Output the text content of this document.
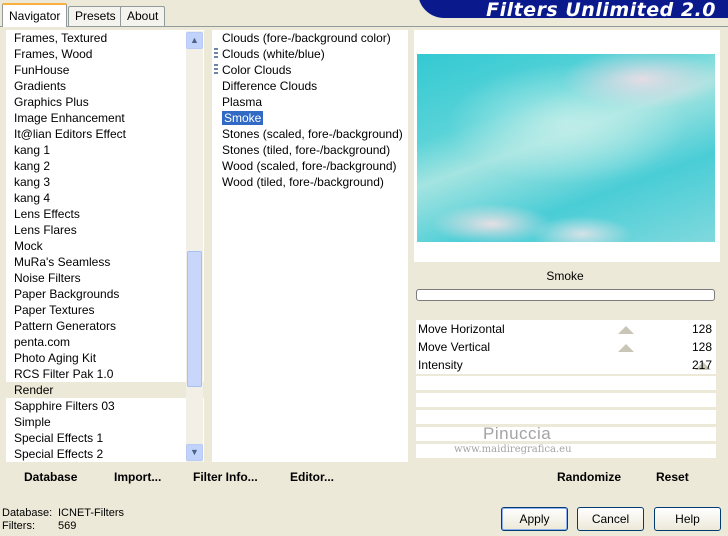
Navigator	Presets About	Filters Unlimited 2.0
Frames, Textured
Frames, Wood
FunHouse
Gradients
Graphics Plus
Image Enhancement
It@lian Editors Effect
kang 1
kang 2
kang 3
kang 4
Lens Effects
Lens Flares
Mock
MuRa's Seamless
Noise Filters
Paper Backgrounds
Paper Textures
Pattern Generators
penta.com
Photo Aging Kit
RCS Filter Pak 1.0
Render
Sapphire Filters 03
Simple
Special Effects 1
Special Effects 2
▲
▼
Clouds (fore-/background color)
Clouds (white/blue)
Color Clouds
Difference Clouds
Plasma
Smoke
Stones (scaled, fore-/background)
Stones (tiled, fore-/background)
Wood (scaled, fore-/background)
Wood (tiled, fore-/background)
Smoke
Move Horizontal	128
Move Vertical	128
Intensity	217
Pinuccia
www.maidiregrafica.eu
Database	Import...	Filter Info...	Editor...	Randomize	Reset
Database: ICNET-Filters
Filters: 569	Apply	Cancel	Help
